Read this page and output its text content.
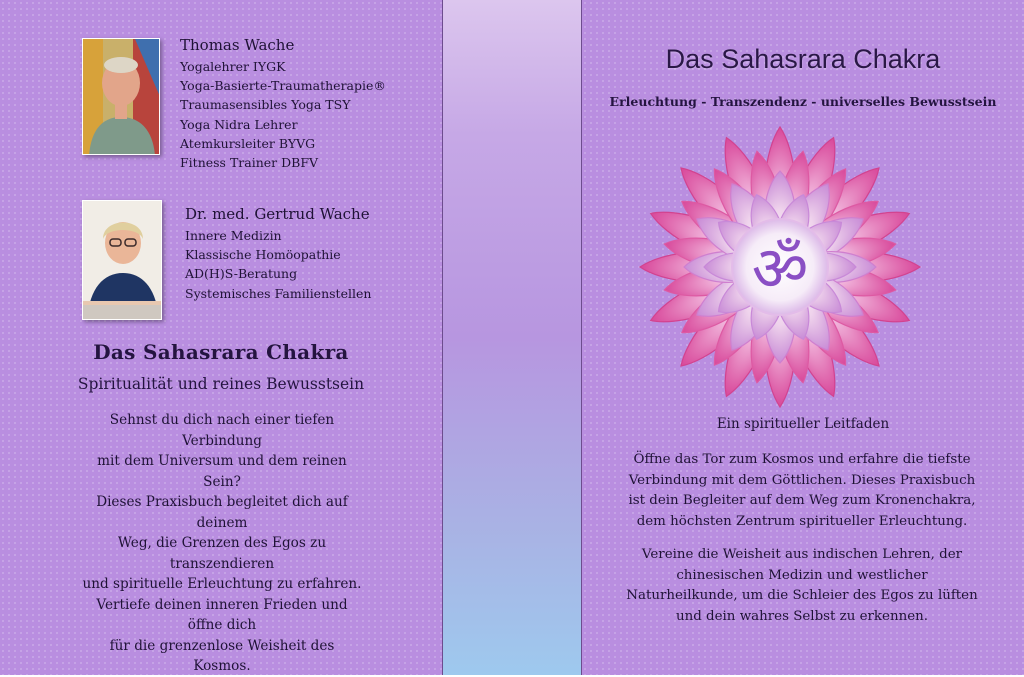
Thomas Wache
Yogalehrer IYGK
Yoga-Basierte-Traumatherapie®
Traumasensibles Yoga TSY
Yoga Nidra Lehrer
Atemkursleiter BYVG
Fitness Trainer DBFV
Dr. med. Gertrud Wache
Innere Medizin
Klassische Homöopathie
AD(H)S-Beratung
Systemisches Familienstellen
Das Sahasrara Chakra
Spiritualität und reines Bewusstsein
Sehnst du dich nach einer tiefen Verbindung
mit dem Universum und dem reinen Sein?
Dieses Praxisbuch begleitet dich auf deinem
Weg, die Grenzen des Egos zu transzendieren
und spirituelle Erleuchtung zu erfahren.
Vertiefe deinen inneren Frieden und öffne dich
für die grenzenlose Weisheit des Kosmos.
Das Sahasrara Chakra
Erleuchtung - Transzendenz - universelles Bewusstsein
ॐ
Ein spiritueller Leitfaden
Öffne das Tor zum Kosmos und erfahre die tiefste
Verbindung mit dem Göttlichen. Dieses Praxisbuch
ist dein Begleiter auf dem Weg zum Kronenchakra,
dem höchsten Zentrum spiritueller Erleuchtung.
Vereine die Weisheit aus indischen Lehren, der
chinesischen Medizin und westlicher
Naturheilkunde, um die Schleier des Egos zu lüften
und dein wahres Selbst zu erkennen.
